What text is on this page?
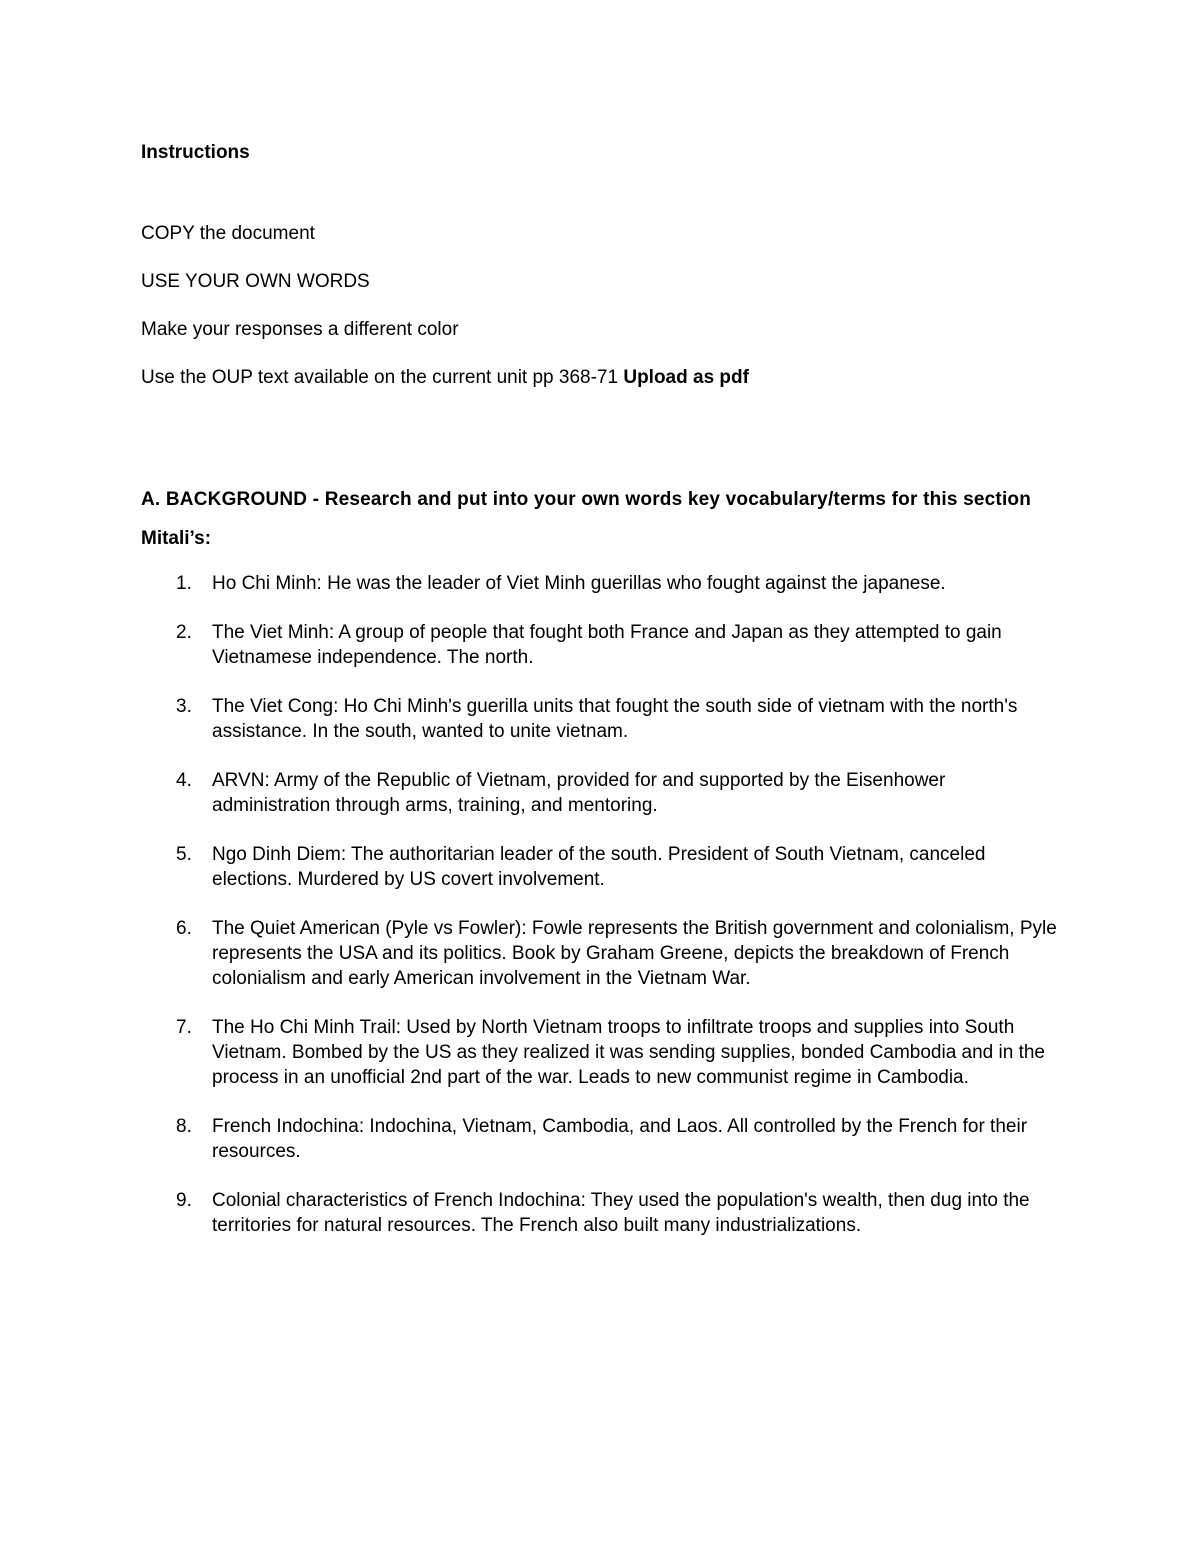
Instructions

COPY the document

USE YOUR OWN WORDS

Make your responses a different color

Use the OUP text available on the current unit pp 368-71 Upload as pdf

A. BACKGROUND - Research and put into your own words key vocabulary/terms for this section
Mitali’s:
1.	Ho Chi Minh: He was the leader of Viet Minh guerillas who fought against the japanese.
2.	The Viet Minh: A group of people that fought both France and Japan as they attempted to gain Vietnamese independence. The north.
3.	The Viet Cong: Ho Chi Minh's guerilla units that fought the south side of vietnam with the north's assistance. In the south, wanted to unite vietnam.
4.	ARVN: Army of the Republic of Vietnam, provided for and supported by the Eisenhower administration through arms, training, and mentoring.
5.	Ngo Dinh Diem: The authoritarian leader of the south. President of South Vietnam, canceled elections. Murdered by US covert involvement.
6.	The Quiet American (Pyle vs Fowler): Fowle represents the British government and colonialism, Pyle represents the USA and its politics. Book by Graham Greene, depicts the breakdown of French colonialism and early American involvement in the Vietnam War.
7.	The Ho Chi Minh Trail: Used by North Vietnam troops to infiltrate troops and supplies into South Vietnam. Bombed by the US as they realized it was sending supplies, bonded Cambodia and in the process in an unofficial 2nd part of the war. Leads to new communist regime in Cambodia.
8.	French Indochina: Indochina, Vietnam, Cambodia, and Laos. All controlled by the French for their resources.
9.	Colonial characteristics of French Indochina: They used the population's wealth, then dug into the territories for natural resources. The French also built many industrializations.
